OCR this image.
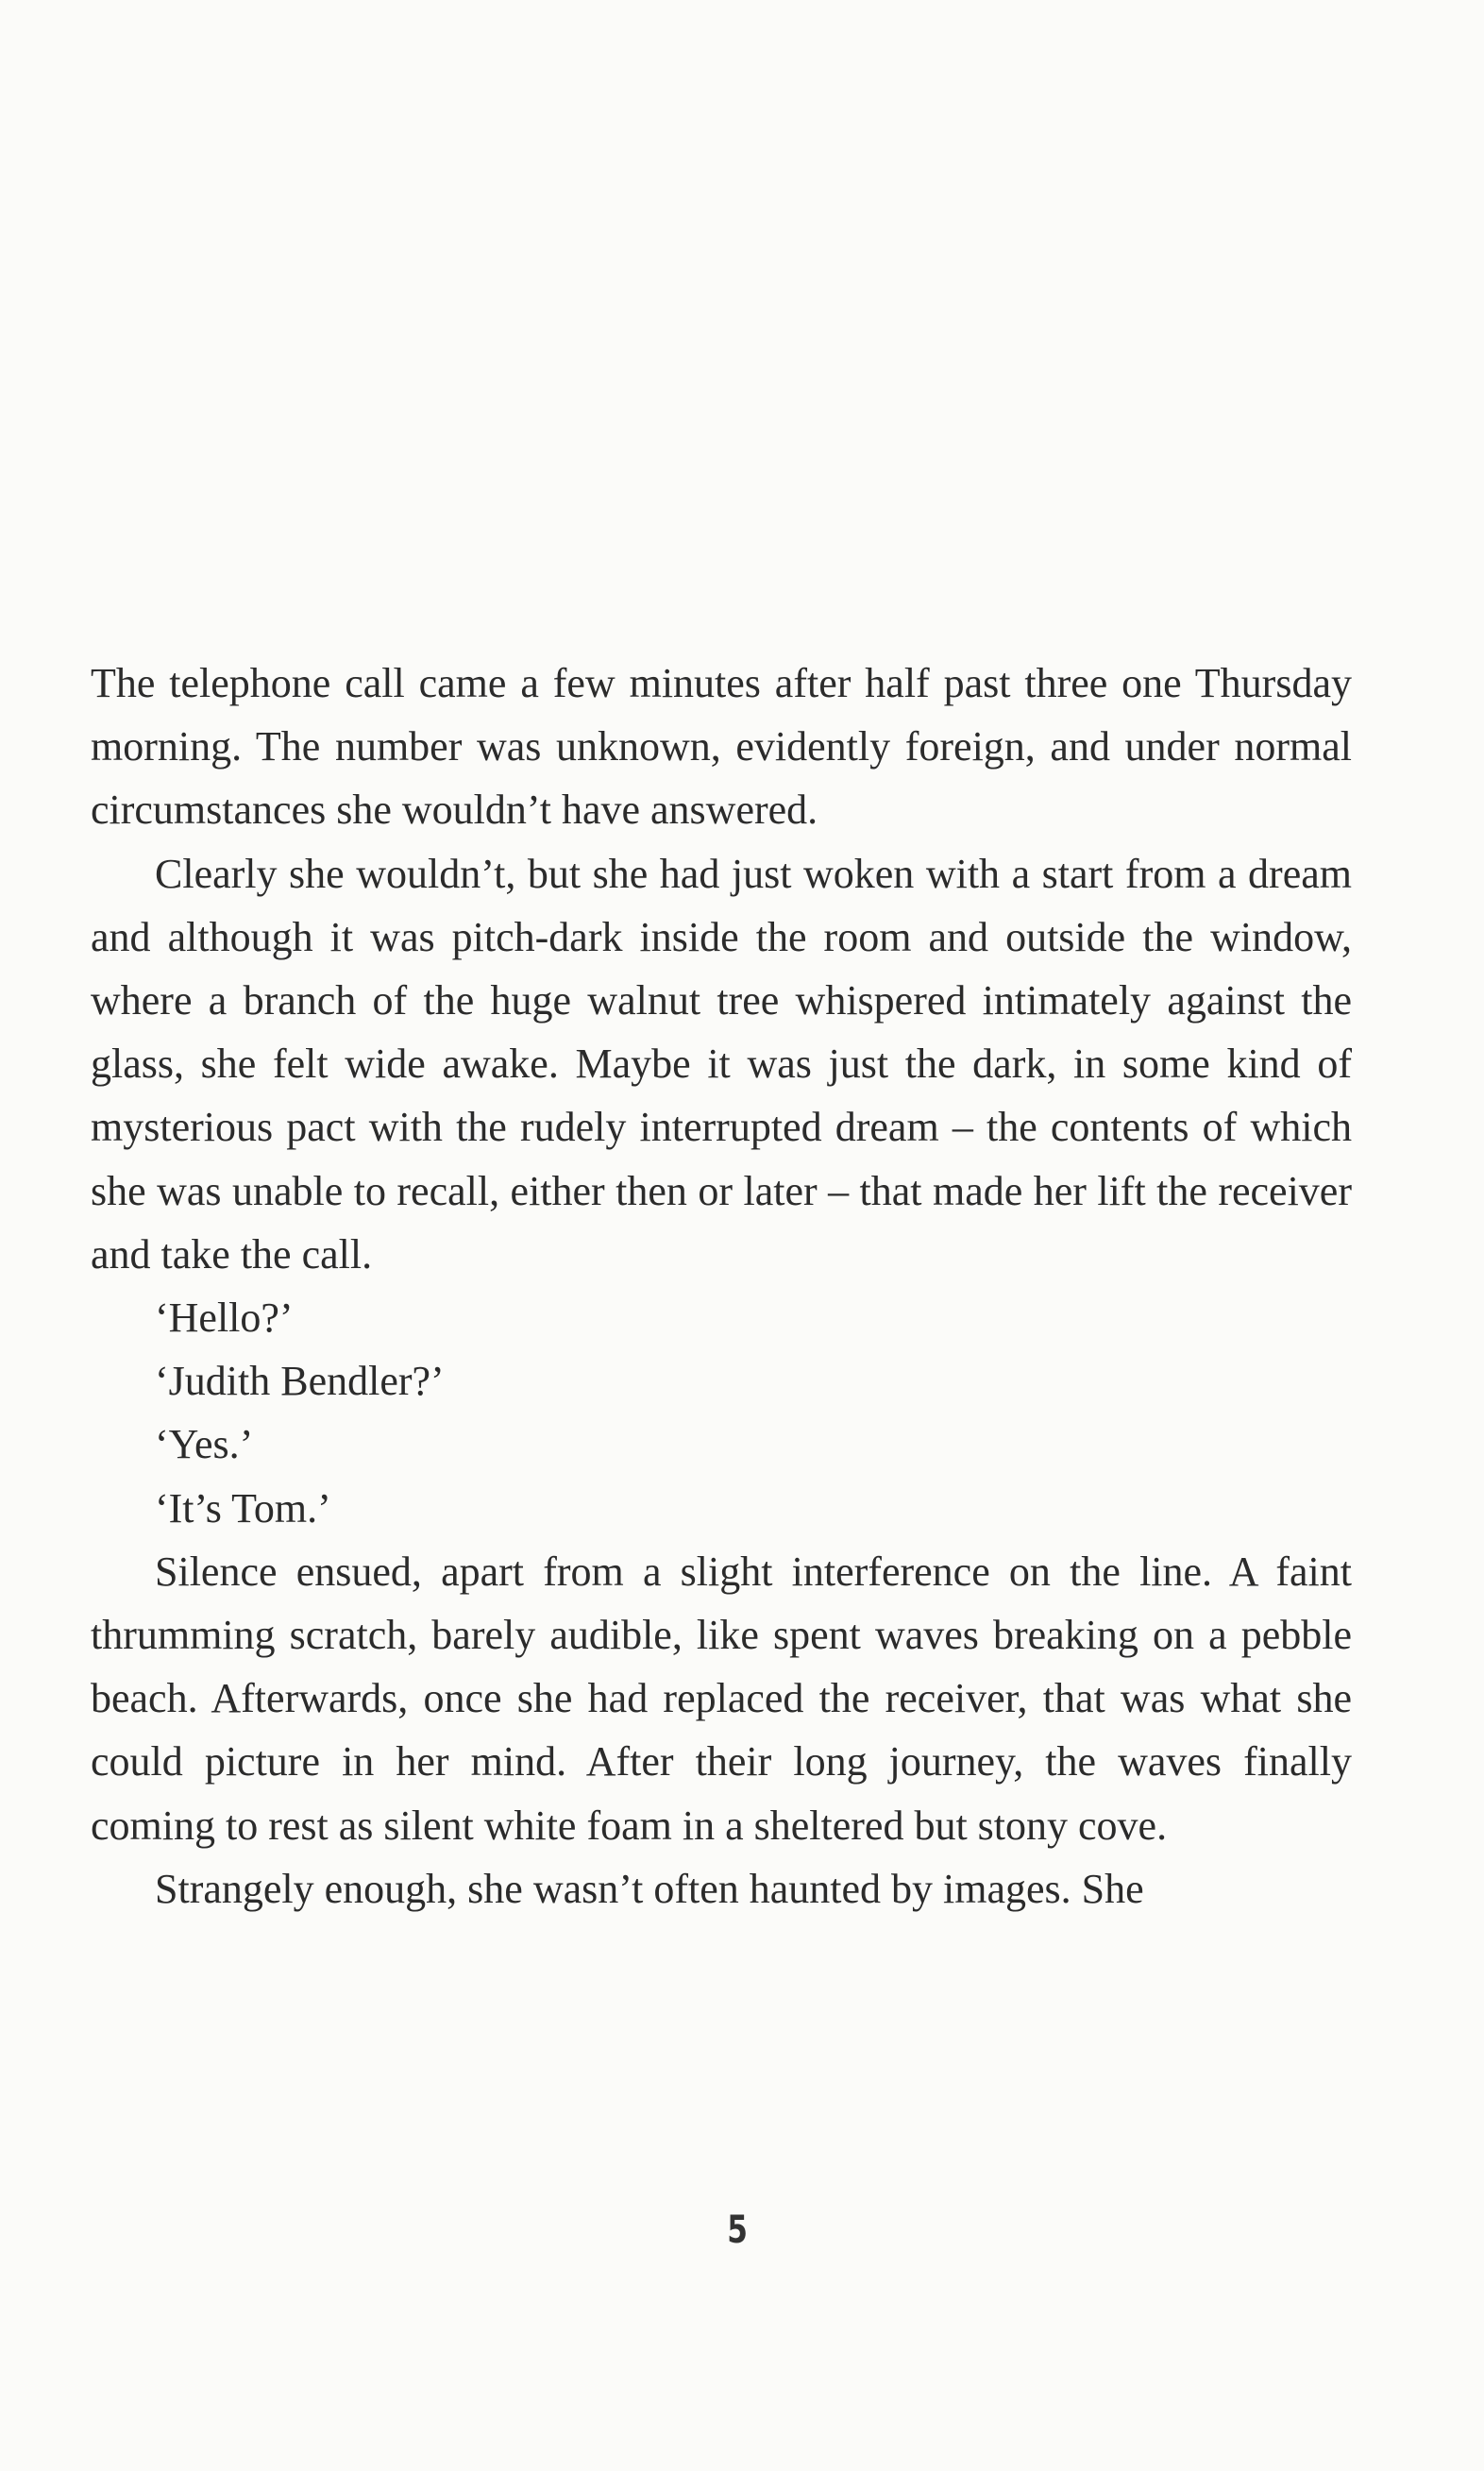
The telephone call came a few minutes after half past three one Thursday morning. The number was unknown, evidently foreign, and under normal circumstances she wouldn’t have answered.

Clearly she wouldn’t, but she had just woken with a start from a dream and although it was pitch-dark inside the room and outside the window, where a branch of the huge walnut tree whispered intimately against the glass, she felt wide awake. Maybe it was just the dark, in some kind of mysterious pact with the rudely interrupted dream – the contents of which she was unable to recall, either then or later – that made her lift the receiver and take the call.

‘Hello?’

‘Judith Bendler?’

‘Yes.’

‘It’s Tom.’

Silence ensued, apart from a slight interference on the line. A faint thrumming scratch, barely audible, like spent waves breaking on a pebble beach. Afterwards, once she had replaced the receiver, that was what she could picture in her mind. After their long journey, the waves finally coming to rest as silent white foam in a sheltered but stony cove.

Strangely enough, she wasn’t often haunted by images. She

5
